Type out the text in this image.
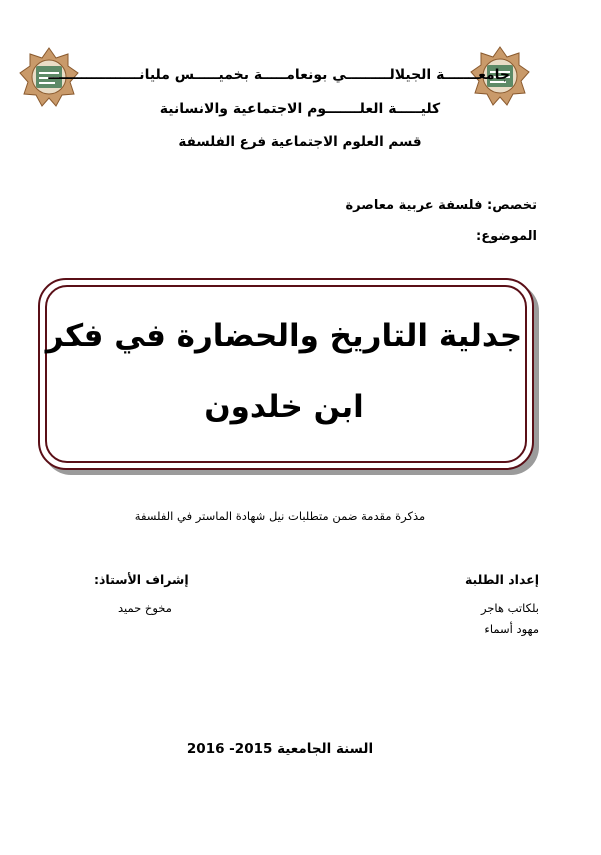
جامعـــــــة الجيلالـــــــــي بونعامـــــة بخميـــــس مليانـــــــــــــــــــ
كليـــــة العلـــــــوم الاجتماعية والانسانية
قسم العلوم الاجتماعية فرع الفلسفة
تخصص: فلسفة عربية معاصرة
الموضوع:
جدلية التاريخ والحضارة في فكر
ابن خلدون
مذكرة مقدمة ضمن متطلبات نيل شهادة الماستر في الفلسفة
إعداد الطلبة
بلكاتب هاجر
مهود أسماء
إشراف الأستاذ:
مخوخ حميد
السنة الجامعية 2015- 2016
